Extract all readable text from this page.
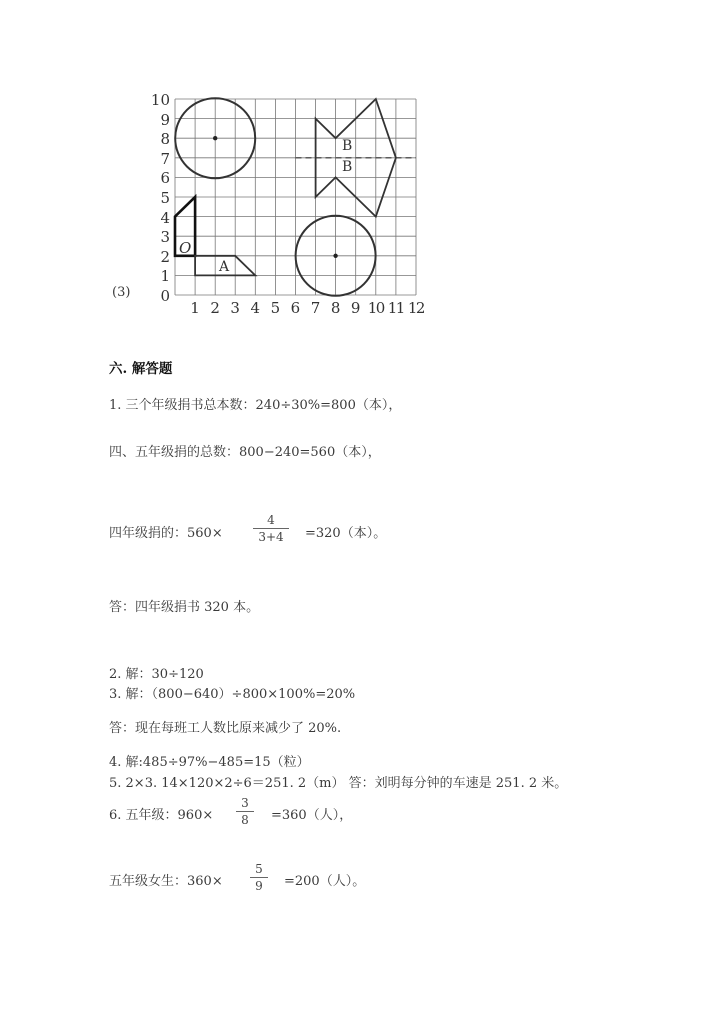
(3)
10
9
8
7
6
5
4
3
2
1
0
1 2 3 4 5 6 7 8 9 10 11 12
O
A
B
B
六. 解答题
1. 三个年级捐书总本数：240÷30%=800（本），
四、五年级捐的总数：800−240=560（本），
四年级捐的：560×
4
3+4	=320（本）。
答：四年级捐书 320 本。
2. 解：30÷120
3. 解：（800−640）÷800×100%=20%
答：现在每班工人数比原来减少了 20%.
4. 解:485÷97%−485=15（粒）
5. 2×3. 14×120×2÷6＝251. 2（m） 答：刘明每分钟的车速是 251. 2 米。
6. 五年级：960×
3
8	=360（人），
五年级女生：360×
5
9	=200（人）。
